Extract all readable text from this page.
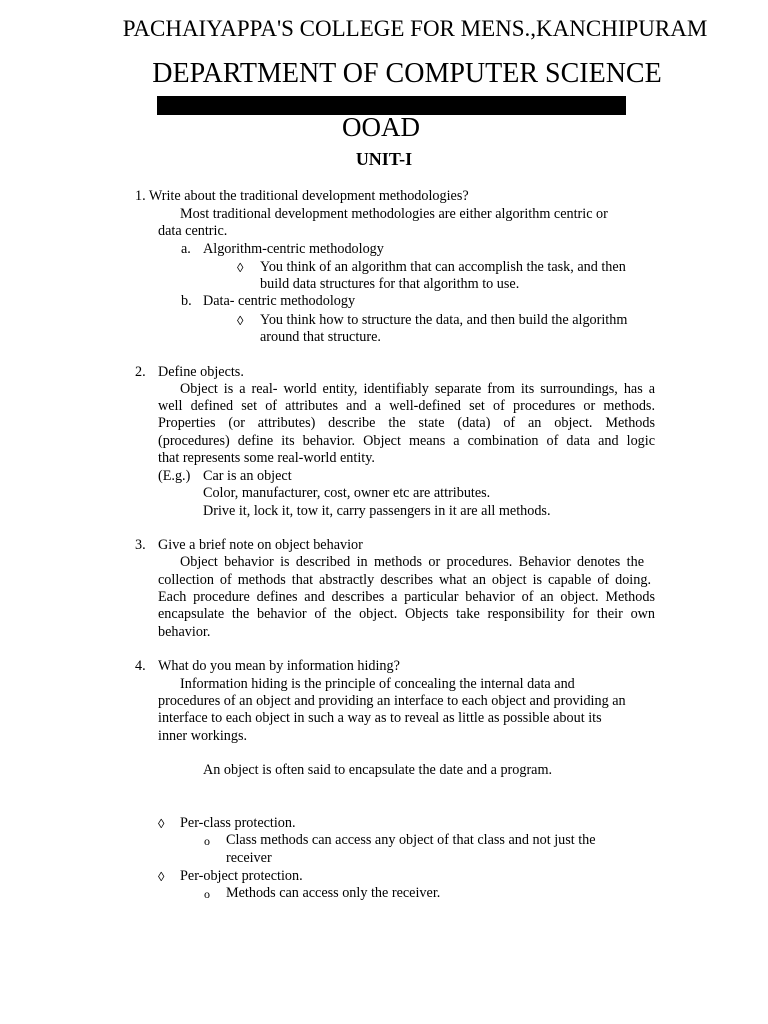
PACHAIYAPPA'S COLLEGE FOR MENS.,KANCHIPURAM
DEPARTMENT OF COMPUTER SCIENCE
OOAD
UNIT-I
1. Write about the traditional development methodologies?
Most traditional development methodologies are either algorithm centric or
data centric.
a. Algorithm-centric methodology
◊ You think of an algorithm that can accomplish the task, and then
build data structures for that algorithm to use.
b. Data- centric methodology
◊ You think how to structure the data, and then build the algorithm
around that structure.
2. Define objects.
Object is a real- world entity, identifiably separate from its surroundings, has a
well defined set of attributes and a well-defined set of procedures or methods.
Properties (or attributes) describe the state (data) of an object. Methods
(procedures) define its behavior. Object means a combination of data and logic
that represents some real-world entity.
(E.g.) Car is an object
Color, manufacturer, cost, owner etc are attributes.
Drive it, lock it, tow it, carry passengers in it are all methods.
3. Give a brief note on object behavior
Object behavior is described in methods or procedures. Behavior denotes the
collection of methods that abstractly describes what an object is capable of doing.
Each procedure defines and describes a particular behavior of an object. Methods
encapsulate the behavior of the object. Objects take responsibility for their own
behavior.
4. What do you mean by information hiding?
Information hiding is the principle of concealing the internal data and
procedures of an object and providing an interface to each object and providing an
interface to each object in such a way as to reveal as little as possible about its
inner workings.
An object is often said to encapsulate the date and a program.
◊ Per-class protection.
o Class methods can access any object of that class and not just the
receiver
◊ Per-object protection.
o Methods can access only the receiver.
